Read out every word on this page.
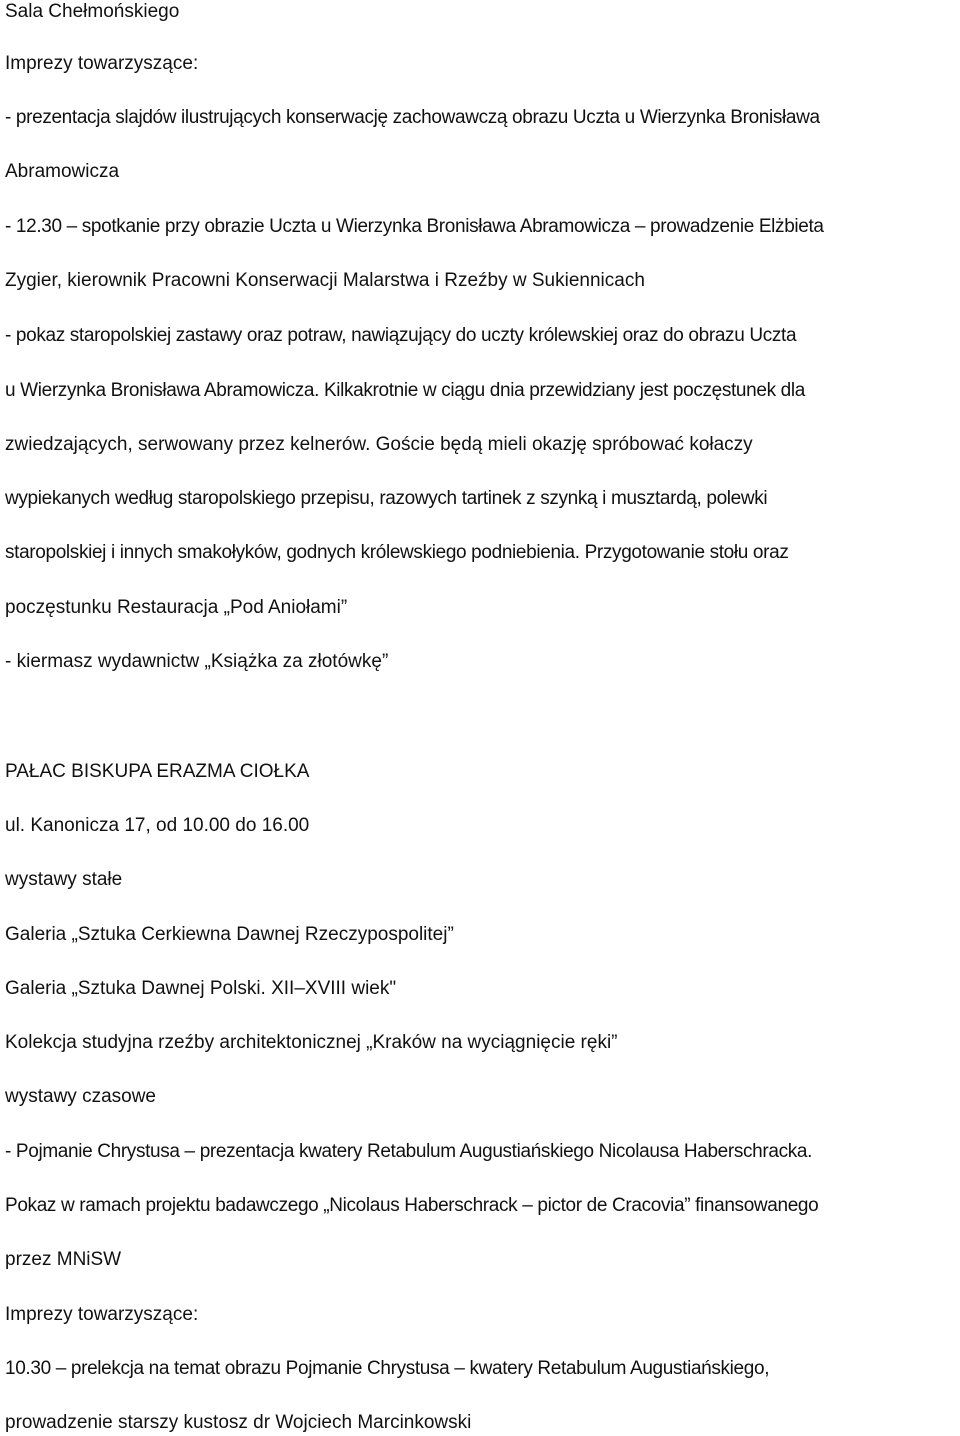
Sala Chełmońskiego
Imprezy towarzyszące:
- prezentacja slajdów ilustrujących konserwację zachowawczą obrazu Uczta u Wierzynka Bronisława
Abramowicza
- 12.30 – spotkanie przy obrazie Uczta u Wierzynka Bronisława Abramowicza – prowadzenie Elżbieta
Zygier, kierownik Pracowni Konserwacji Malarstwa i Rzeźby w Sukiennicach
- pokaz staropolskiej zastawy oraz potraw, nawiązujący do uczty królewskiej oraz do obrazu Uczta
u Wierzynka Bronisława Abramowicza. Kilkakrotnie w ciągu dnia przewidziany jest poczęstunek dla
zwiedzających, serwowany przez kelnerów. Goście będą mieli okazję spróbować kołaczy
wypiekanych według staropolskiego przepisu, razowych tartinek z szynką i musztardą, polewki
staropolskiej i innych smakołyków, godnych królewskiego podniebienia. Przygotowanie stołu oraz
poczęstunku Restauracja „Pod Aniołami”
- kiermasz wydawnictw „Książka za złotówkę”
PAŁAC BISKUPA ERAZMA CIOŁKA
ul. Kanonicza 17, od 10.00 do 16.00
wystawy stałe
Galeria „Sztuka Cerkiewna Dawnej Rzeczypospolitej”
Galeria „Sztuka Dawnej Polski. XII–XVIII wiek"
Kolekcja studyjna rzeźby architektonicznej „Kraków na wyciągnięcie ręki”
wystawy czasowe
- Pojmanie Chrystusa – prezentacja kwatery Retabulum Augustiańskiego Nicolausa Haberschracka.
Pokaz w ramach projektu badawczego „Nicolaus Haberschrack – pictor de Cracovia” finansowanego
przez MNiSW
Imprezy towarzyszące:
10.30 – prelekcja na temat obrazu Pojmanie Chrystusa – kwatery Retabulum Augustiańskiego,
prowadzenie starszy kustosz dr Wojciech Marcinkowski
